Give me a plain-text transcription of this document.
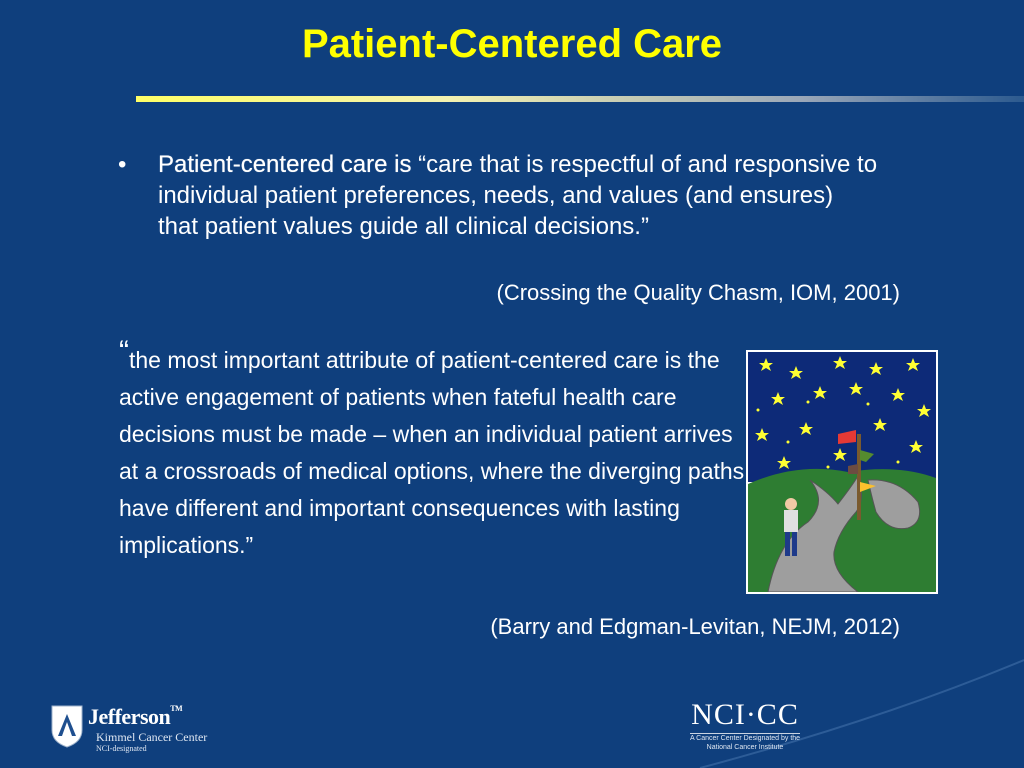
Patient-Centered Care
• Patient-centered care is “care that is respectful of and responsive to individual patient preferences, needs, and values (and ensures) that patient values guide all clinical decisions.”
(Crossing the Quality Chasm, IOM, 2001)
“the most important attribute of patient-centered care is the active engagement of patients when fateful health care decisions must be made – when an individual patient arrives at a crossroads of medical options, where the diverging paths have different and important consequences with lasting implications.”
(Barry and Edgman-Levitan, NEJM, 2012)
Jefferson™
Kimmel Cancer Center
NCI-designated
NCI·CC
A Cancer Center Designated by the
National Cancer Institute
